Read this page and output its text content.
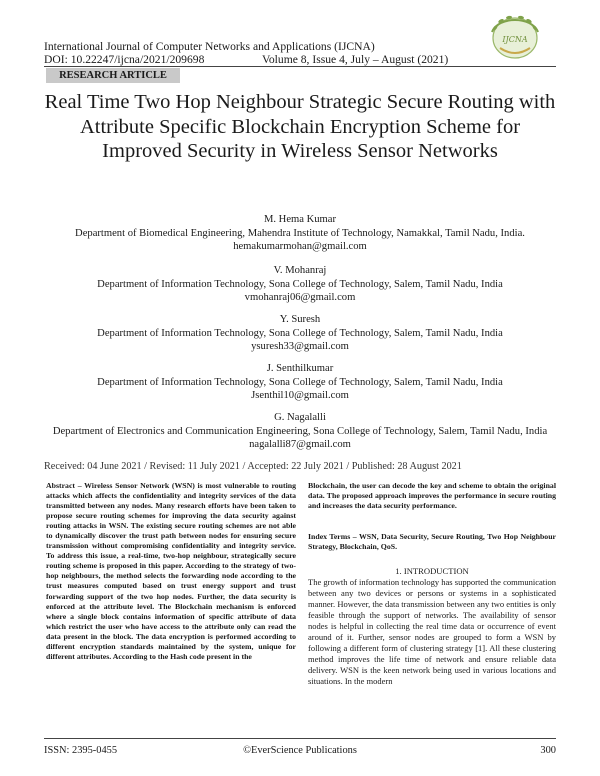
International Journal of Computer Networks and Applications (IJCNA)
DOI: 10.22247/ijcna/2021/209698	Volume 8, Issue 4, July – August (2021)
IJCNA
RESEARCH ARTICLE
Real Time Two Hop Neighbour Strategic Secure Routing with Attribute Specific Blockchain Encryption Scheme for Improved Security in Wireless Sensor Networks
M. Hema Kumar
Department of Biomedical Engineering, Mahendra Institute of Technology, Namakkal, Tamil Nadu, India.
hemakumarmohan@gmail.com
V. Mohanraj
Department of Information Technology, Sona College of Technology, Salem, Tamil Nadu, India
vmohanraj06@gmail.com
Y. Suresh
Department of Information Technology, Sona College of Technology, Salem, Tamil Nadu, India
ysuresh33@gmail.com
J. Senthilkumar
Department of Information Technology, Sona College of Technology, Salem, Tamil Nadu, India
Jsenthil10@gmail.com
G. Nagalalli
Department of Electronics and Communication Engineering, Sona College of Technology, Salem, Tamil Nadu, India
nagalalli87@gmail.com
Received: 04 June 2021 / Revised: 11 July 2021 / Accepted: 22 July 2021 / Published: 28 August 2021
Abstract – Wireless Sensor Network (WSN) is most vulnerable to routing attacks which affects the confidentiality and integrity services of the data transmitted between any nodes. Many research efforts have been taken to propose secure routing schemes for improving the data security against routing attacks in WSN. The existing secure routing schemes are not able to dynamically discover the trust path between nodes for ensuring secure transmission without compromising confidentiality and integrity service. To address this issue, a real-time, two-hop neighbour, strategically secure routing scheme is proposed in this paper. According to the strategy of two-hop neighbours, the method selects the forwarding node according to the trust measures computed based on trust energy support and trust forwarding support of the two hop nodes. Further, the data security is enforced at the attribute level. The Blockchain mechanism is enforced where a single block contains information of specific attribute of data which restrict the user who have access to the attribute only can read the data present in the block. The data encryption is performed according to different encryption standards maintained by the system, unique for different attributes. According to the Hash code present in the
Blockchain, the user can decode the key and scheme to obtain the original data. The proposed approach improves the performance in secure routing and increases the data security performance.
Index Terms – WSN, Data Security, Secure Routing, Two Hop Neighbour Strategy, Blockchain, QoS.
1. INTRODUCTION
The growth of information technology has supported the communication between any two devices or persons or systems in a sophisticated manner. However, the data transmission between any two entities is only feasible through the support of networks. The availability of sensor nodes is helpful in collecting the real time data or occurrence of event around of it. Further, sensor nodes are grouped to form a WSN by following a different form of clustering strategy [1]. All these clustering method improves the life time of network and ensure reliable data delivery. WSN is the keen network being used in various locations and situations. In the modern
ISSN: 2395-0455	©EverScience Publications	300
